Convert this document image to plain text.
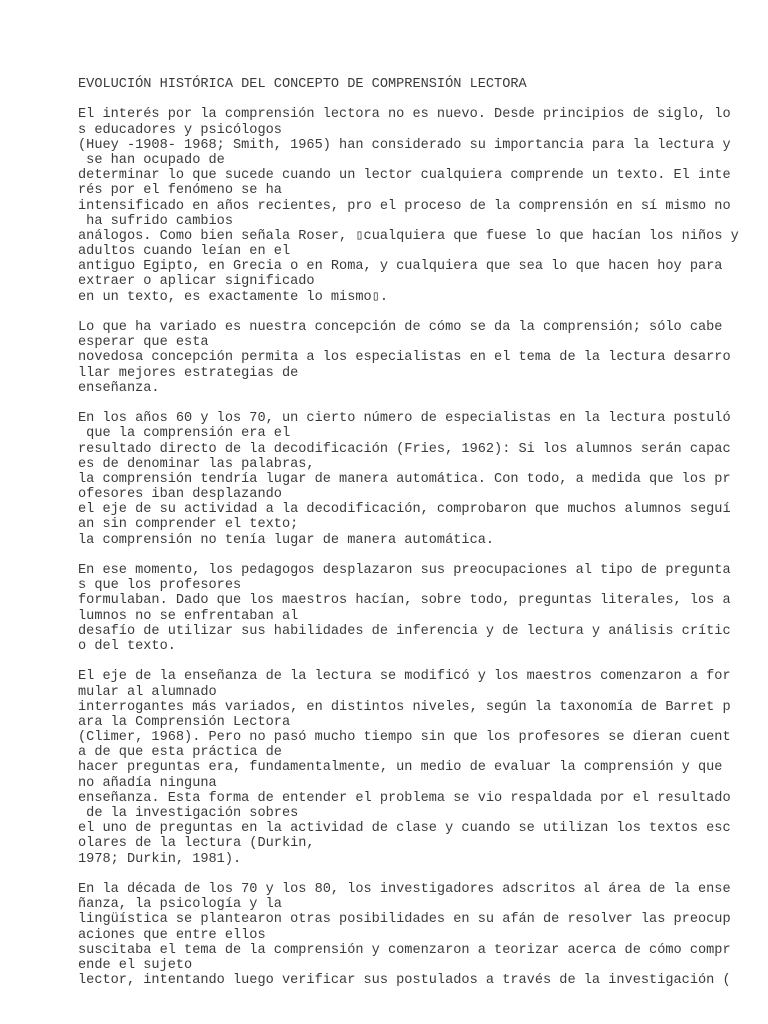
EVOLUCIÓN HISTÓRICA DEL CONCEPTO DE COMPRENSIÓN LECTORA
El interés por la comprensión lectora no es nuevo. Desde principios de siglo, lo
s educadores y psicólogos
(Huey -1908- 1968; Smith, 1965) han considerado su importancia para la lectura y
se han ocupado de
determinar lo que sucede cuando un lector cualquiera comprende un texto. El inte
rés por el fenómeno se ha
intensificado en años recientes, pro el proceso de la comprensión en sí mismo no
ha sufrido cambios
análogos. Como bien señala Roser, ▯cualquiera que fuese lo que hacían los niños y
adultos cuando leían en el
antiguo Egipto, en Grecia o en Roma, y cualquiera que sea lo que hacen hoy para
extraer o aplicar significado
en un texto, es exactamente lo mismo▯.
Lo que ha variado es nuestra concepción de cómo se da la comprensión; sólo cabe
esperar que esta
novedosa concepción permita a los especialistas en el tema de la lectura desarro
llar mejores estrategias de
enseñanza.
En los años 60 y los 70, un cierto número de especialistas en la lectura postuló
que la comprensión era el
resultado directo de la decodificación (Fries, 1962): Si los alumnos serán capac
es de denominar las palabras,
la comprensión tendría lugar de manera automática. Con todo, a medida que los pr
ofesores iban desplazando
el eje de su actividad a la decodificación, comprobaron que muchos alumnos seguí
an sin comprender el texto;
la comprensión no tenía lugar de manera automática.
En ese momento, los pedagogos desplazaron sus preocupaciones al tipo de pregunta
s que los profesores
formulaban. Dado que los maestros hacían, sobre todo, preguntas literales, los a
lumnos no se enfrentaban al
desafío de utilizar sus habilidades de inferencia y de lectura y análisis crític
o del texto.
El eje de la enseñanza de la lectura se modificó y los maestros comenzaron a for
mular al alumnado
interrogantes más variados, en distintos niveles, según la taxonomía de Barret p
ara la Comprensión Lectora
(Climer, 1968). Pero no pasó mucho tiempo sin que los profesores se dieran cuent
a de que esta práctica de
hacer preguntas era, fundamentalmente, un medio de evaluar la comprensión y que
no añadía ninguna
enseñanza. Esta forma de entender el problema se vio respaldada por el resultado
de la investigación sobres
el uno de preguntas en la actividad de clase y cuando se utilizan los textos esc
olares de la lectura (Durkin,
1978; Durkin, 1981).
En la década de los 70 y los 80, los investigadores adscritos al área de la ense
ñanza, la psicología y la
lingüística se plantearon otras posibilidades en su afán de resolver las preocup
aciones que entre ellos
suscitaba el tema de la comprensión y comenzaron a teorizar acerca de cómo compr
ende el sujeto
lector, intentando luego verificar sus postulados a través de la investigación (
